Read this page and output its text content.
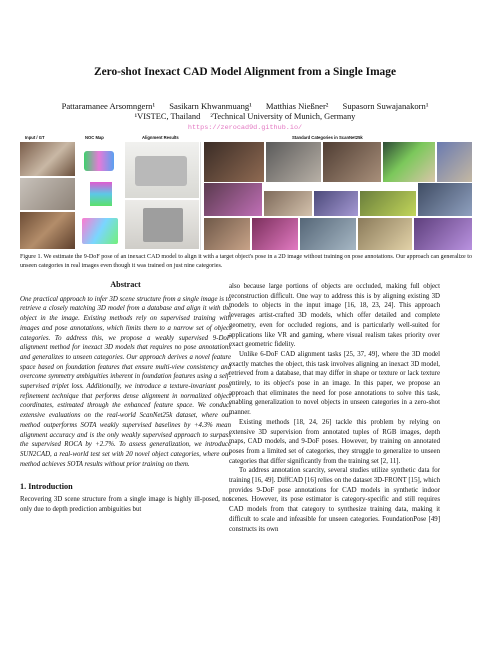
Zero-shot Inexact CAD Model Alignment from a Single Image
Pattaramanee Arsomngern¹ Sasikarn Khwanmuang¹ Matthias Nießner² Supasorn Suwajanakorn¹
¹VISTEC, Thailand ²Technical University of Munich, Germany
https://zerocad9d.github.io/
Input / GT	NOC Map	Alignment Results	Standard Categories in ScanNet25k
Unseen Categories in Our New SUN2CAD Dataset
Figure 1. We estimate the 9-DoF pose of an inexact CAD model to align it with a target object's pose in a 2D image without training on pose annotations. Our approach can generalize to unseen categories in real images even though it was trained on just nine categories.
Abstract

One practical approach to infer 3D scene structure from a single image is to retrieve a closely matching 3D model from a database and align it with the object in the image. Existing methods rely on supervised training with images and pose annotations, which limits them to a narrow set of object categories. To address this, we propose a weakly supervised 9-DoF alignment method for inexact 3D models that requires no pose annotations and generalizes to unseen categories. Our approach derives a novel feature space based on foundation features that ensure multi-view consistency and overcome symmetry ambiguities inherent in foundation features using a self-supervised triplet loss. Additionally, we introduce a texture-invariant pose refinement technique that performs dense alignment in normalized object coordinates, estimated through the enhanced feature space. We conduct extensive evaluations on the real-world ScanNet25k dataset, where our method outperforms SOTA weakly supervised baselines by +4.3% mean alignment accuracy and is the only weakly supervised approach to surpass the supervised ROCA by +2.7%. To assess generalization, we introduce SUN2CAD, a real-world test set with 20 novel object categories, where our method achieves SOTA results without prior training on them.

1. Introduction

Recovering 3D scene structure from a single image is highly ill-posed, not only due to depth prediction ambiguities but

also because large portions of objects are occluded, making full object reconstruction difficult. One way to address this is by aligning existing 3D models to objects in the input image [16, 18, 23, 24]. This approach leverages artist-crafted 3D models, which offer detailed and complete geometry, even for occluded regions, and is particularly well-suited for applications like VR and gaming, where visual realism takes priority over exact geometric fidelity.

Unlike 6-DoF CAD alignment tasks [25, 37, 49], where the 3D model exactly matches the object, this task involves aligning an inexact 3D model, retrieved from a database, that may differ in shape or texture or lack texture entirely, to its object's pose in an image. In this paper, we propose an approach that eliminates the need for pose annotations to solve this task, enabling generalization to novel objects in unseen categories in a zero-shot manner.

Existing methods [18, 24, 26] tackle this problem by relying on extensive 3D supervision from annotated tuples of RGB images, depth maps, CAD models, and 9-DoF poses. However, by training on annotated poses from a limited set of categories, they struggle to generalize to unseen categories that differ significantly from the training set [2, 11].

To address annotation scarcity, several studies utilize synthetic data for training [16, 49]. DiffCAD [16] relies on the dataset 3D-FRONT [15], which provides 9-DoF pose annotations for CAD models in synthetic indoor scenes. However, its pose estimator is category-specific and still requires CAD models from that category to synthesize training data, making it difficult to scale and infeasible for unseen categories. FoundationPose [49] constructs its own
